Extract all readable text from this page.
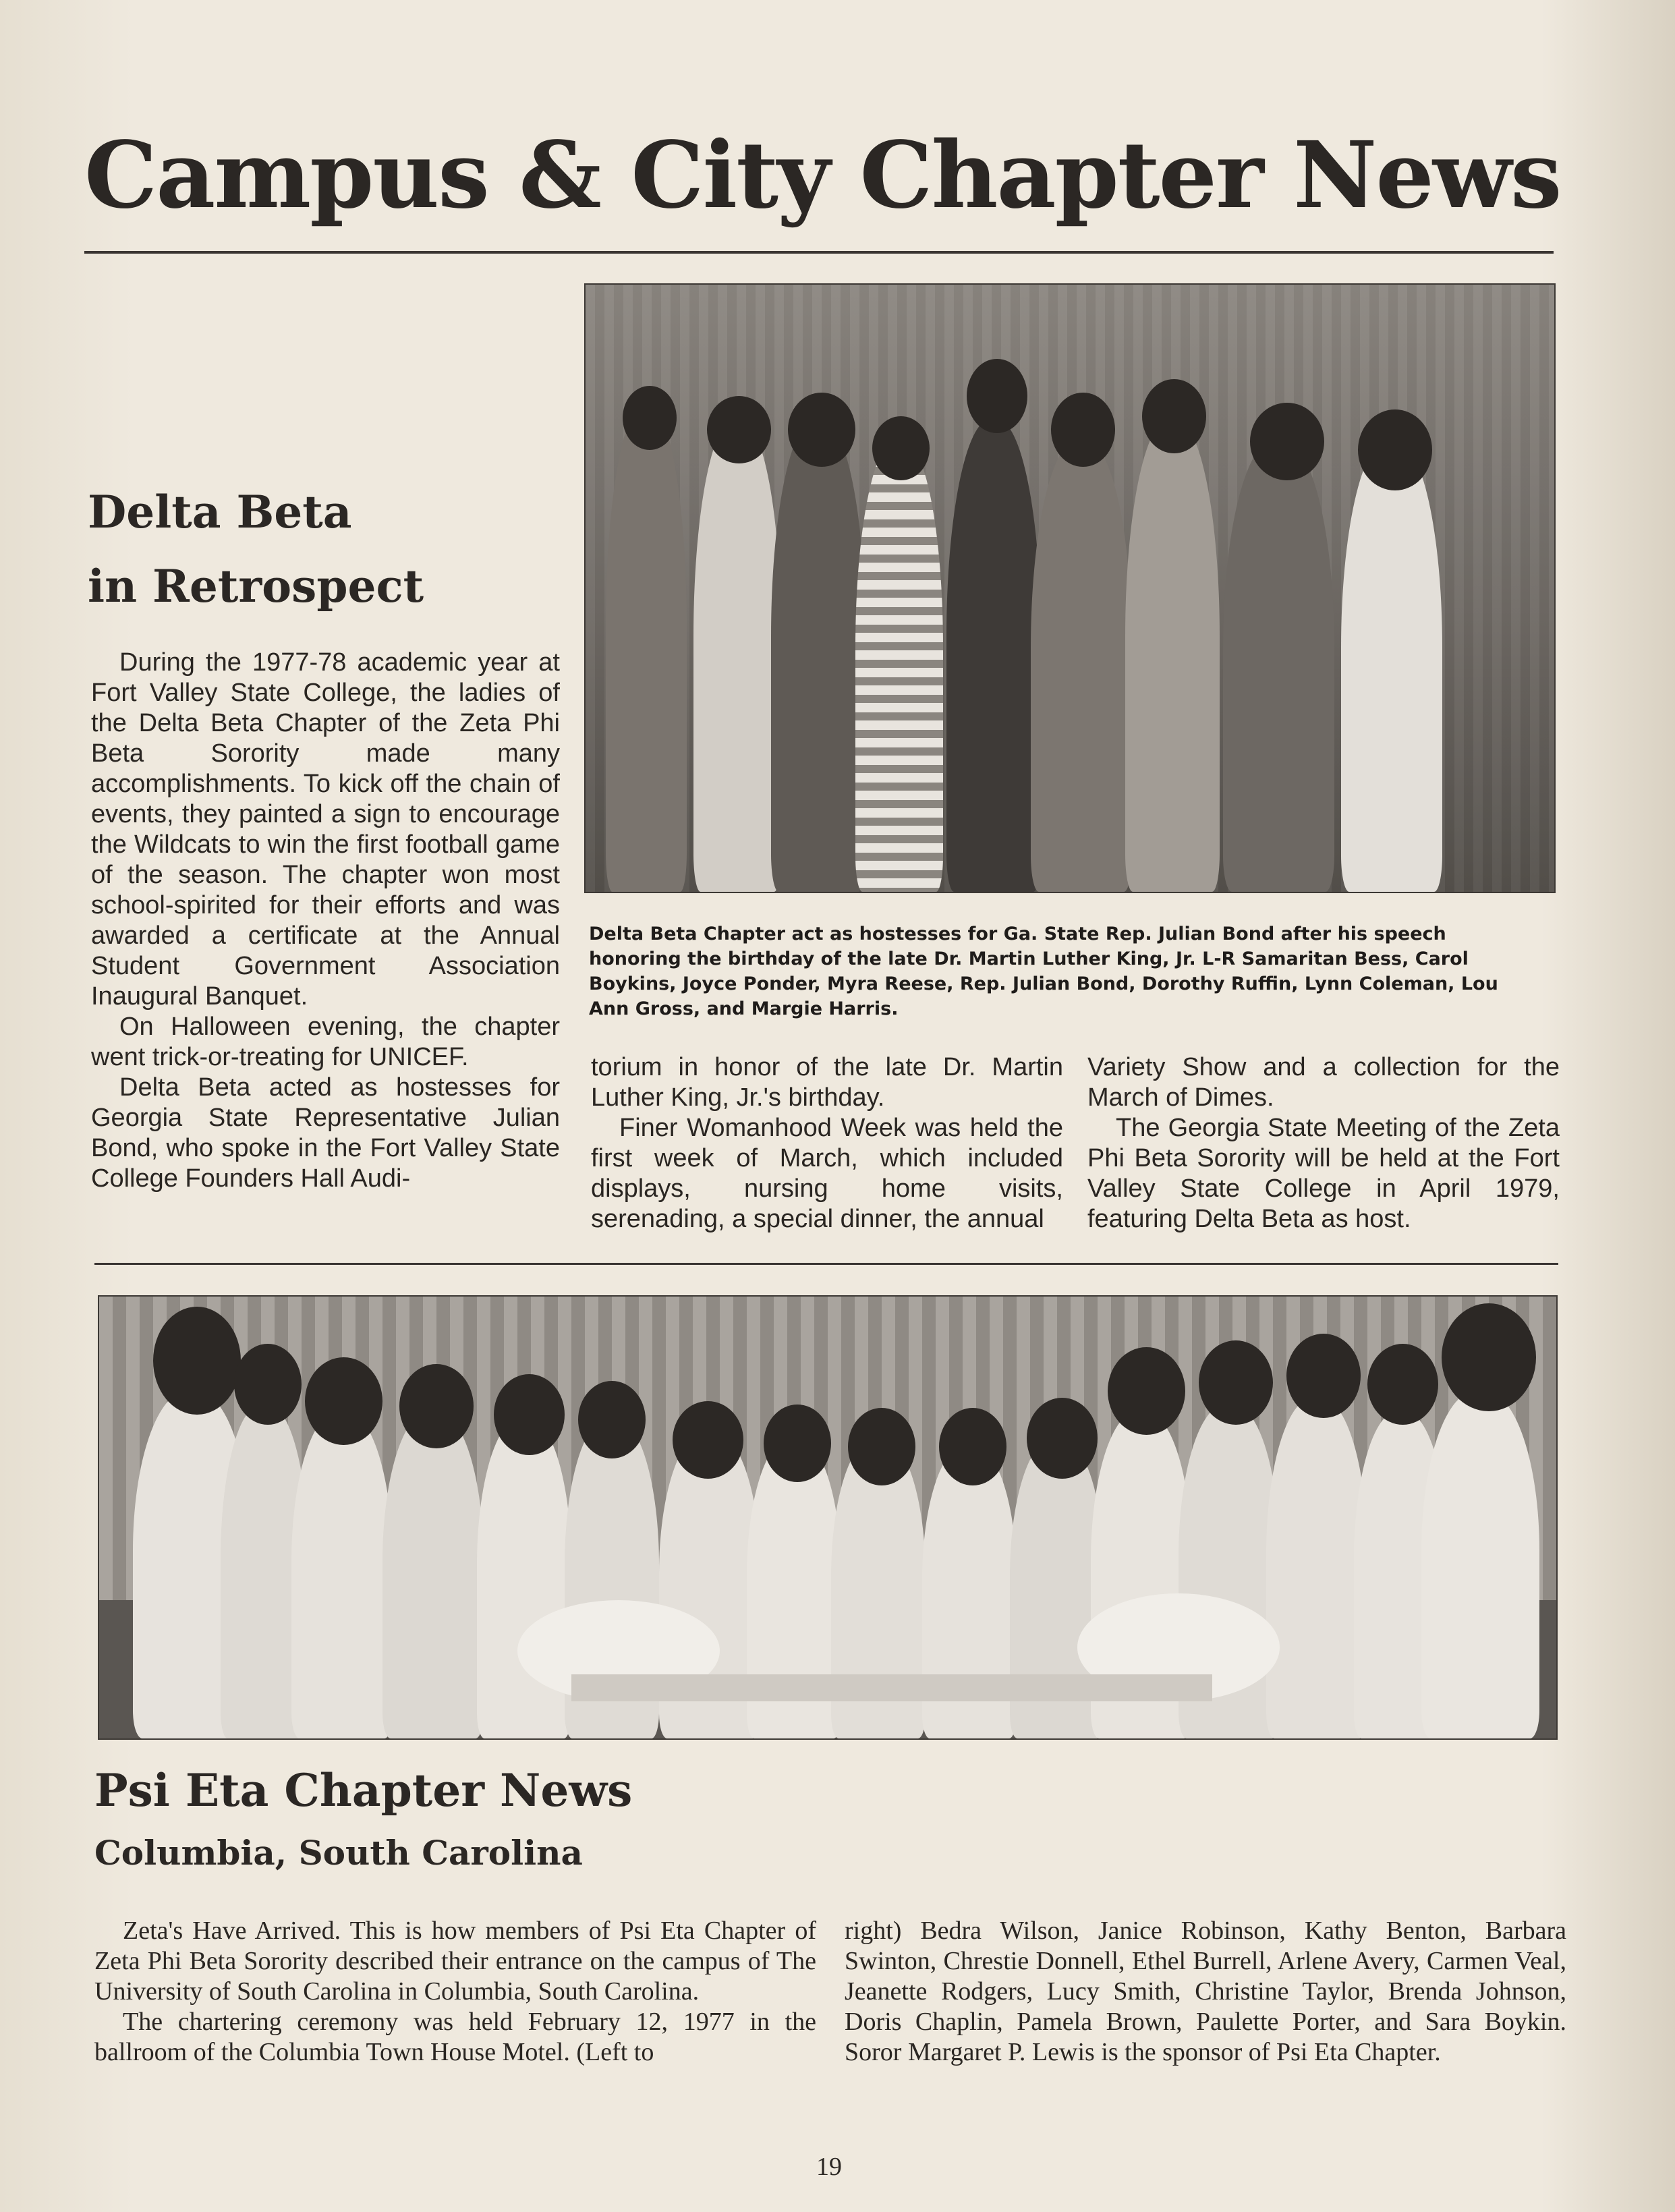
Campus & City Chapter News
Delta Beta
in Retrospect

During the 1977-78 academic year at Fort Valley State College, the ladies of the Delta Beta Chapter of the Zeta Phi Beta Sorority made many accomplishments. To kick off the chain of events, they painted a sign to encourage the Wildcats to win the first football game of the season. The chapter won most school-spirited for their efforts and was awarded a certificate at the Annual Student Government Association Inaugural Banquet.

On Halloween evening, the chapter went trick-or-treating for UNICEF.

Delta Beta acted as hostesses for Georgia State Representative Julian Bond, who spoke in the Fort Valley State College Founders Hall Audi-

Delta Beta Chapter act as hostesses for Ga. State Rep. Julian Bond after his speech honoring the birthday of the late Dr. Martin Luther King, Jr. L-R Samaritan Bess, Carol Boykins, Joyce Ponder, Myra Reese, Rep. Julian Bond, Dorothy Ruffin, Lynn Coleman, Lou Ann Gross, and Margie Harris.

torium in honor of the late Dr. Martin Luther King, Jr.'s birthday.

Finer Womanhood Week was held the first week of March, which included displays, nursing home visits, serenading, a special dinner, the annual

Variety Show and a collection for the March of Dimes.

The Georgia State Meeting of the Zeta Phi Beta Sorority will be held at the Fort Valley State College in April 1979, featuring Delta Beta as host.

Psi Eta Chapter News
Columbia, South Carolina

Zeta's Have Arrived. This is how members of Psi Eta Chapter of Zeta Phi Beta Sorority described their entrance on the campus of The University of South Carolina in Columbia, South Carolina.

The chartering ceremony was held February 12, 1977 in the ballroom of the Columbia Town House Motel. (Left to

right) Bedra Wilson, Janice Robinson, Kathy Benton, Barbara Swinton, Chrestie Donnell, Ethel Burrell, Arlene Avery, Carmen Veal, Jeanette Rodgers, Lucy Smith, Christine Taylor, Brenda Johnson, Doris Chaplin, Pamela Brown, Paulette Porter, and Sara Boykin. Soror Margaret P. Lewis is the sponsor of Psi Eta Chapter.

19
